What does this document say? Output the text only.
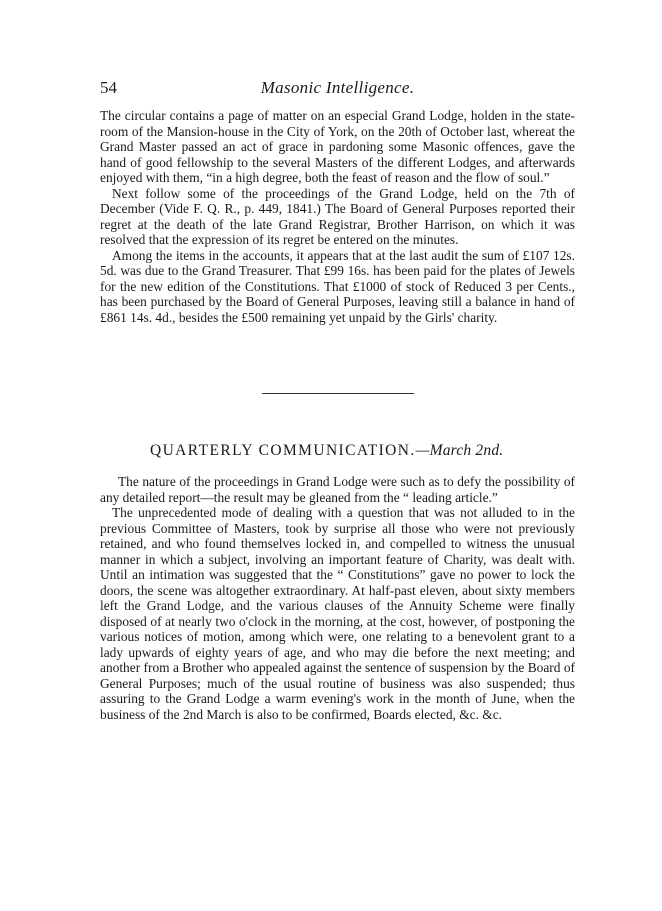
54	Masonic Intelligence.

The circular contains a page of matter on an especial Grand Lodge, holden in the state-room of the Mansion-house in the City of York, on the 20th of October last, whereat the Grand Master passed an act of grace in pardoning some Masonic offences, gave the hand of good fellowship to the several Masters of the different Lodges, and afterwards enjoyed with them, “in a high degree, both the feast of reason and the flow of soul.”

Next follow some of the proceedings of the Grand Lodge, held on the 7th of December (Vide F. Q. R., p. 449, 1841.) The Board of General Purposes reported their regret at the death of the late Grand Registrar, Brother Harrison, on which it was resolved that the expression of its regret be entered on the minutes.

Among the items in the accounts, it appears that at the last audit the sum of £107 12s. 5d. was due to the Grand Treasurer. That £99 16s. has been paid for the plates of Jewels for the new edition of the Constitutions. That £1000 of stock of Reduced 3 per Cents., has been purchased by the Board of General Purposes, leaving still a balance in hand of £861 14s. 4d., besides the £500 remaining yet unpaid by the Girls' charity.

QUARTERLY COMMUNICATION.—March 2nd.

The nature of the proceedings in Grand Lodge were such as to defy the possibility of any detailed report—the result may be gleaned from the “ leading article.”

The unprecedented mode of dealing with a question that was not alluded to in the previous Committee of Masters, took by surprise all those who were not previously retained, and who found themselves locked in, and compelled to witness the unusual manner in which a subject, involving an important feature of Charity, was dealt with. Until an intimation was suggested that the “ Constitutions” gave no power to lock the doors, the scene was altogether extraordinary. At half-past eleven, about sixty members left the Grand Lodge, and the various clauses of the Annuity Scheme were finally disposed of at nearly two o'clock in the morning, at the cost, however, of postponing the various notices of motion, among which were, one relating to a benevolent grant to a lady upwards of eighty years of age, and who may die before the next meeting; and another from a Brother who appealed against the sentence of suspension by the Board of General Purposes; much of the usual routine of business was also suspended; thus assuring to the Grand Lodge a warm evening's work in the month of June, when the business of the 2nd March is also to be confirmed, Boards elected, &c. &c.
